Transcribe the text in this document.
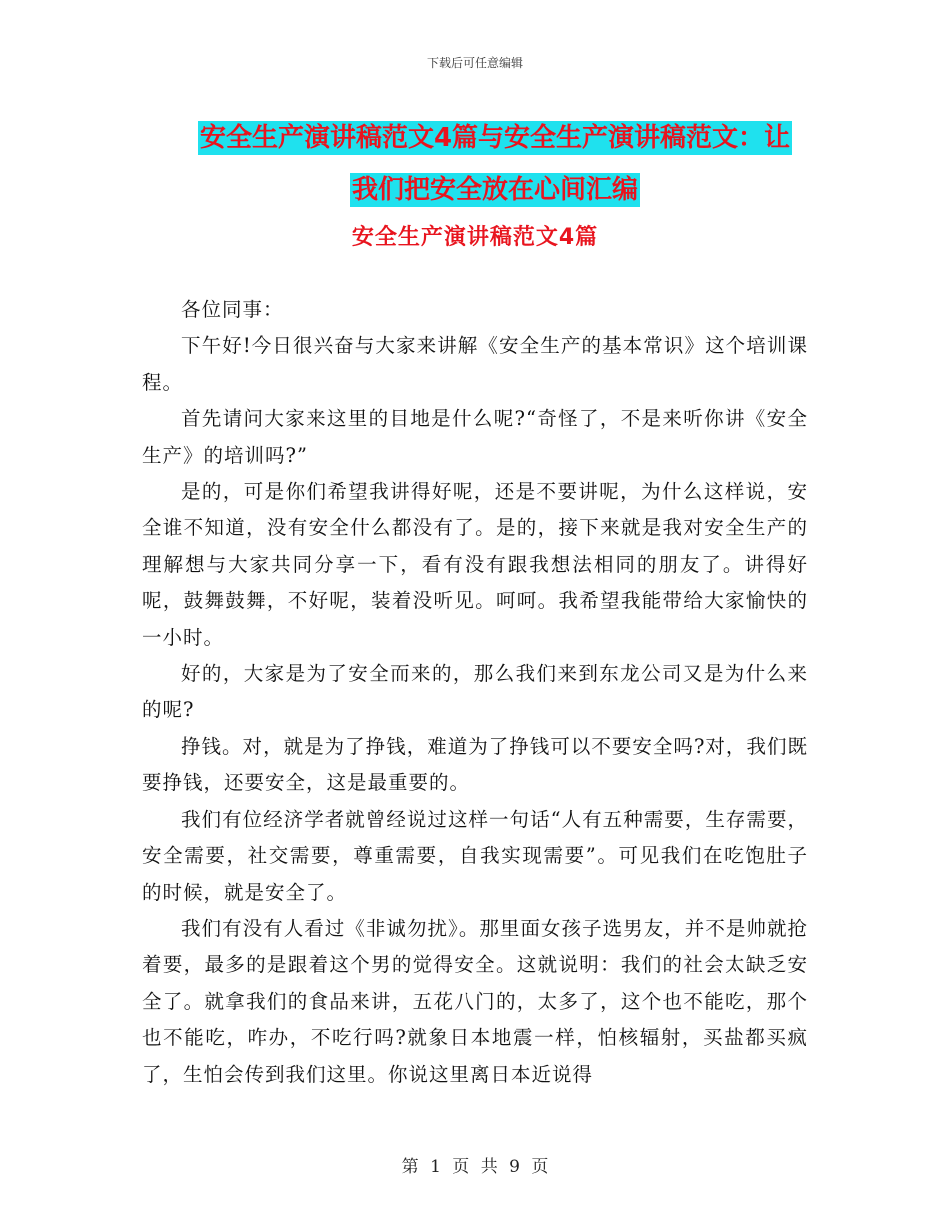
下载后可任意编辑
安全生产演讲稿范文4篇与安全生产演讲稿范文：让
我们把安全放在心间汇编
安全生产演讲稿范文4篇

各位同事：

下午好!今日很兴奋与大家来讲解《安全生产的基本常识》这个培训课程。

首先请问大家来这里的目地是什么呢?“奇怪了，不是来听你讲《安全生产》的培训吗?”

是的，可是你们希望我讲得好呢，还是不要讲呢，为什么这样说，安全谁不知道，没有安全什么都没有了。是的，接下来就是我对安全生产的理解想与大家共同分享一下，看有没有跟我想法相同的朋友了。讲得好呢，鼓舞鼓舞，不好呢，装着没听见。呵呵。我希望我能带给大家愉快的一小时。

好的，大家是为了安全而来的，那么我们来到东龙公司又是为什么来的呢?

挣钱。对，就是为了挣钱，难道为了挣钱可以不要安全吗?对，我们既要挣钱，还要安全，这是最重要的。

我们有位经济学者就曾经说过这样一句话“人有五种需要，生存需要，安全需要，社交需要，尊重需要，自我实现需要”。可见我们在吃饱肚子的时候，就是安全了。

我们有没有人看过《非诚勿扰》。那里面女孩子选男友，并不是帅就抢着要，最多的是跟着这个男的觉得安全。这就说明：我们的社会太缺乏安全了。就拿我们的食品来讲，五花八门的，太多了，这个也不能吃，那个也不能吃，咋办，不吃行吗?就象日本地震一样，怕核辐射，买盐都买疯了，生怕会传到我们这里。你说这里离日本近说得

第 1 页 共 9 页
